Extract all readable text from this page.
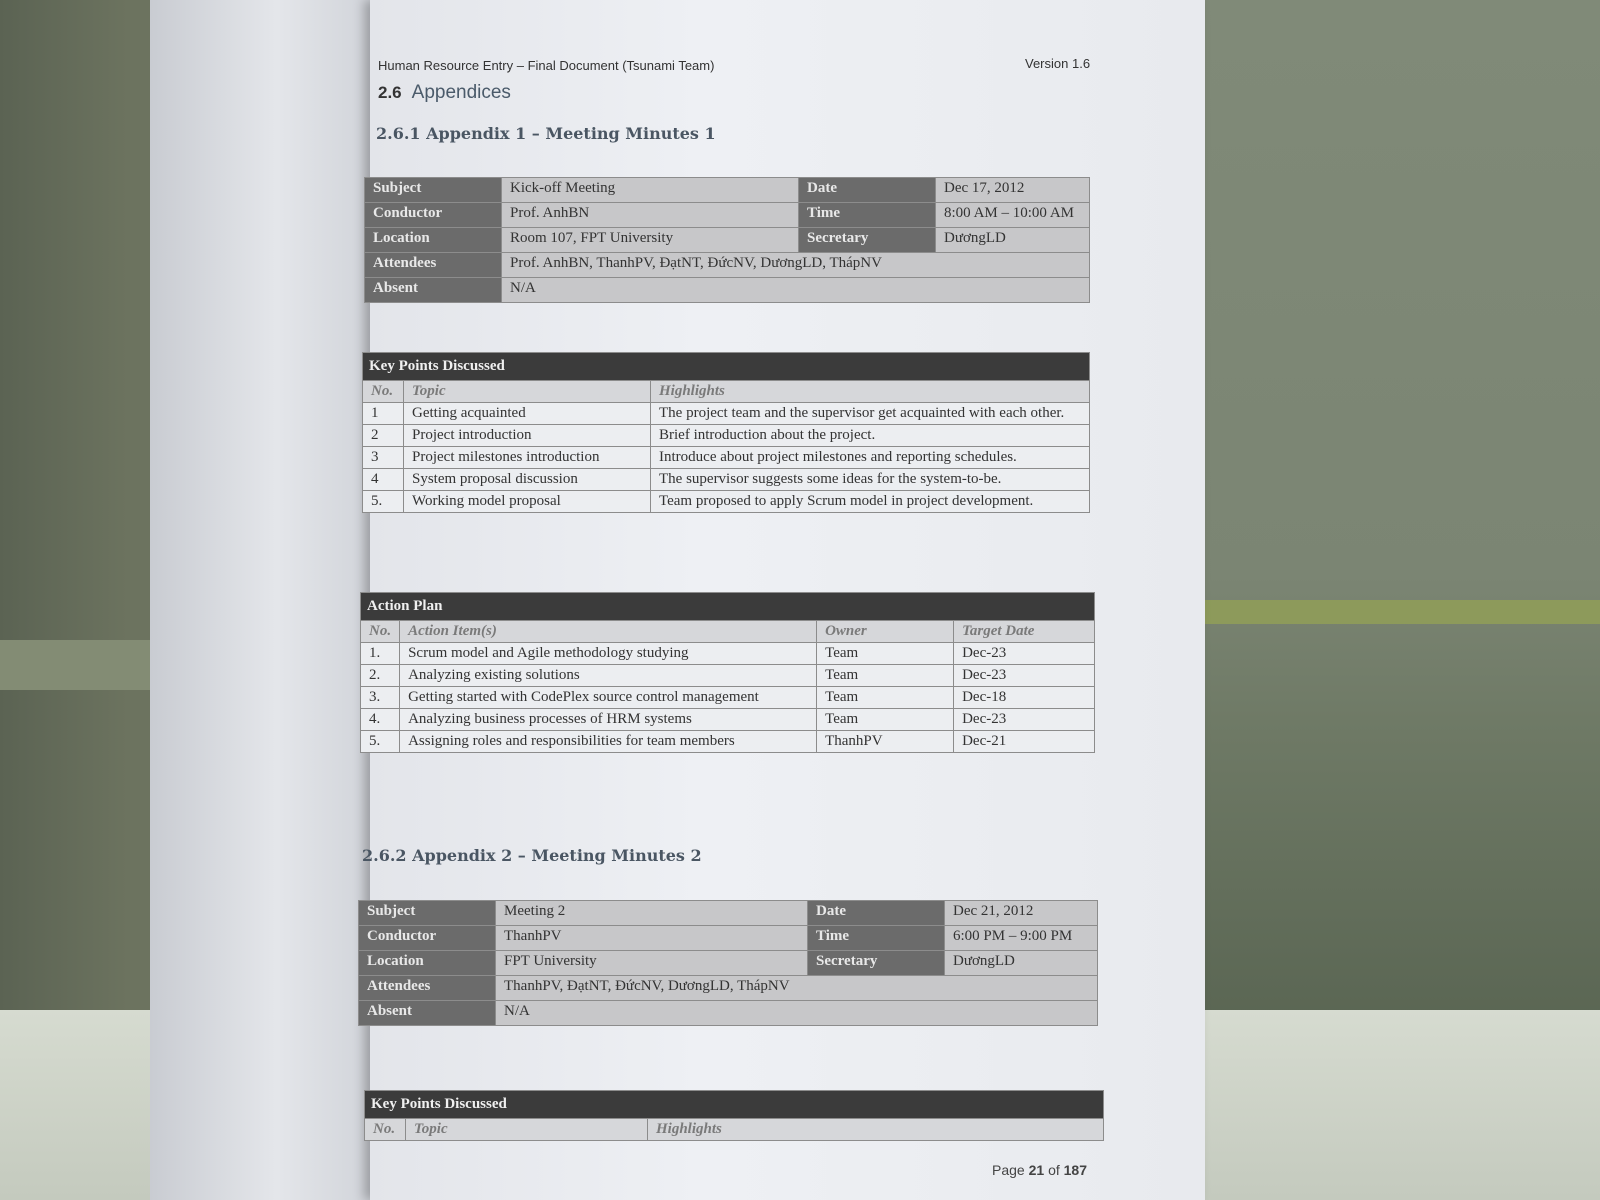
Human Resource Entry – Final Document (Tsunami Team)	Version 1.6
2.6 Appendices
2.6.1 Appendix 1 – Meeting Minutes 1
Subject	Kick-off Meeting	Date	Dec 17, 2012
Conductor	Prof. AnhBN	Time	8:00 AM – 10:00 AM
Location	Room 107, FPT University	Secretary	DươngLD
Attendees	Prof. AnhBN, ThanhPV, ĐạtNT, ĐứcNV, DươngLD, ThápNV		
Absent	N/A		
Key Points Discussed		
No.	Topic	Highlights
1	Getting acquainted	The project team and the supervisor get acquainted with each other.
2	Project introduction	Brief introduction about the project.
3	Project milestones introduction	Introduce about project milestones and reporting schedules.
4	System proposal discussion	The supervisor suggests some ideas for the system-to-be.
5.	Working model proposal	Team proposed to apply Scrum model in project development.
Action Plan			
No.	Action Item(s)	Owner	Target Date
1.	Scrum model and Agile methodology studying	Team	Dec-23
2.	Analyzing existing solutions	Team	Dec-23
3.	Getting started with CodePlex source control management	Team	Dec-18
4.	Analyzing business processes of HRM systems	Team	Dec-23
5.	Assigning roles and responsibilities for team members	ThanhPV	Dec-21
2.6.2 Appendix 2 – Meeting Minutes 2
Subject	Meeting 2	Date	Dec 21, 2012
Conductor	ThanhPV	Time	6:00 PM – 9:00 PM
Location	FPT University	Secretary	DươngLD
Attendees	ThanhPV, ĐạtNT, ĐứcNV, DươngLD, ThápNV		
Absent	N/A		
Key Points Discussed
No.	Topic	Highlights
Page 21 of 187
